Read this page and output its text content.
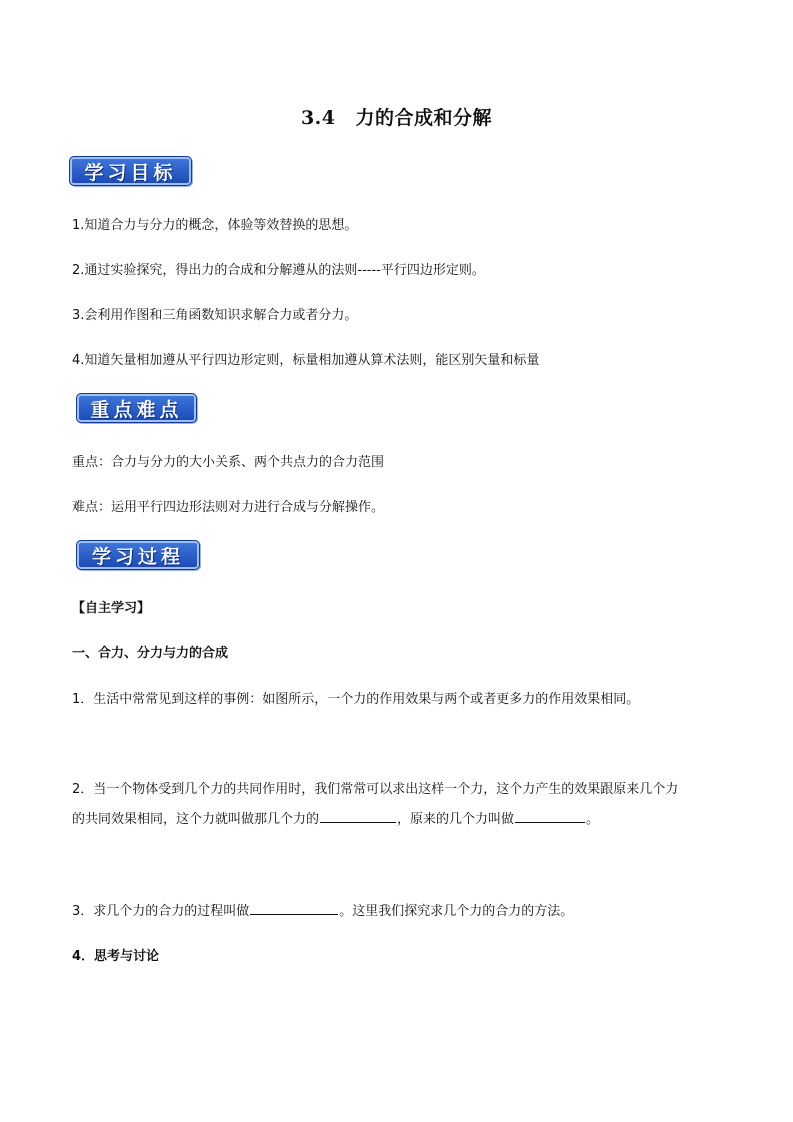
3.4 力的合成和分解
学习目标
1.知道合力与分力的概念，体验等效替换的思想。
2.通过实验探究，得出力的合成和分解遵从的法则-----平行四边形定则。
3.会利用作图和三角函数知识求解合力或者分力。
4.知道矢量相加遵从平行四边形定则，标量相加遵从算术法则，能区别矢量和标量
重点难点
重点：合力与分力的大小关系、两个共点力的合力范围
难点：运用平行四边形法则对力进行合成与分解操作。
学习过程
【自主学习】
一、合力、分力与力的合成
1．生活中常常见到这样的事例：如图所示，一个力的作用效果与两个或者更多力的作用效果相同。
2．当一个物体受到几个力的共同作用时，我们常常可以求出这样一个力，这个力产生的效果跟原来几个力
的共同效果相同，这个力就叫做那几个力的	，原来的几个力叫做	。
3．求几个力的合力的过程叫做	。这里我们探究求几个力的合力的方法。
4．思考与讨论
